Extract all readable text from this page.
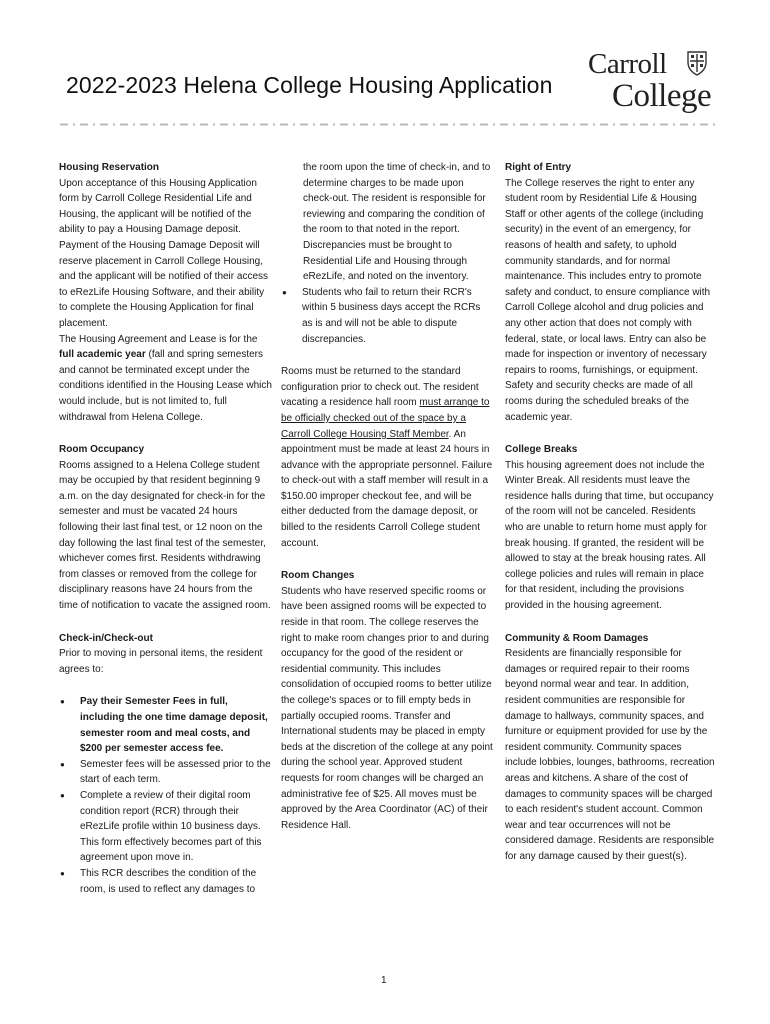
2022-2023 Helena College Housing Application
Carroll
College
Housing Reservation
Upon acceptance of this Housing Application form by Carroll College Residential Life and Housing, the applicant will be notified of the ability to pay a Housing Damage deposit. Payment of the Housing Damage Deposit will reserve placement in Carroll College Housing, and the applicant will be notified of their access to eRezLife Housing Software, and their ability to complete the Housing Application for final placement.
The Housing Agreement and Lease is for the full academic year (fall and spring semesters and cannot be terminated except under the conditions identified in the Housing Lease which would include, but is not limited to, full withdrawal from Helena College.
Room Occupancy
Rooms assigned to a Helena College student may be occupied by that resident beginning 9 a.m. on the day designated for check-in for the semester and must be vacated 24 hours following their last final test, or 12 noon on the day following the last final test of the semester, whichever comes first. Residents withdrawing from classes or removed from the college for disciplinary reasons have 24 hours from the time of notification to vacate the assigned room.
Check-in/Check-out
Prior to moving in personal items, the resident agrees to:
● Pay their Semester Fees in full, including the one time damage deposit, semester room and meal costs, and $200 per semester access fee.
● Semester fees will be assessed prior to the start of each term.
● Complete a review of their digital room condition report (RCR) through their eRezLife profile within 10 business days. This form effectively becomes part of this agreement upon move in.
● This RCR describes the condition of the room, is used to reflect any damages to
the room upon the time of check-in, and to determine charges to be made upon check-out. The resident is responsible for reviewing and comparing the condition of the room to that noted in the report. Discrepancies must be brought to Residential Life and Housing through eRezLife, and noted on the inventory.
● Students who fail to return their RCR's within 5 business days accept the RCRs as is and will not be able to dispute discrepancies.
Rooms must be returned to the standard configuration prior to check out. The resident vacating a residence hall room must arrange to be officially checked out of the space by a Carroll College Housing Staff Member. An appointment must be made at least 24 hours in advance with the appropriate personnel. Failure to check-out with a staff member will result in a $150.00 improper checkout fee, and will be either deducted from the damage deposit, or billed to the residents Carroll College student account.
Room Changes
Students who have reserved specific rooms or have been assigned rooms will be expected to reside in that room. The college reserves the right to make room changes prior to and during occupancy for the good of the resident or residential community. This includes consolidation of occupied rooms to better utilize the college's spaces or to fill empty beds in partially occupied rooms. Transfer and International students may be placed in empty beds at the discretion of the college at any point during the school year. Approved student requests for room changes will be charged an administrative fee of $25. All moves must be approved by the Area Coordinator (AC) of their Residence Hall.
Right of Entry
The College reserves the right to enter any student room by Residential Life & Housing Staff or other agents of the college (including security) in the event of an emergency, for reasons of health and safety, to uphold community standards, and for normal maintenance. This includes entry to promote safety and conduct, to ensure compliance with Carroll College alcohol and drug policies and any other action that does not comply with federal, state, or local laws. Entry can also be made for inspection or inventory of necessary repairs to rooms, furnishings, or equipment. Safety and security checks are made of all rooms during the scheduled breaks of the academic year.
College Breaks
This housing agreement does not include the Winter Break. All residents must leave the residence halls during that time, but occupancy of the room will not be canceled. Residents who are unable to return home must apply for break housing. If granted, the resident will be allowed to stay at the break housing rates. All college policies and rules will remain in place for that resident, including the provisions provided in the housing agreement.
Community & Room Damages
Residents are financially responsible for damages or required repair to their rooms beyond normal wear and tear. In addition, resident communities are responsible for damage to hallways, community spaces, and furniture or equipment provided for use by the resident community. Community spaces include lobbies, lounges, bathrooms, recreation areas and kitchens. A share of the cost of damages to community spaces will be charged to each resident's student account. Common wear and tear occurrences will not be considered damage. Residents are responsible for any damage caused by their guest(s).
1
